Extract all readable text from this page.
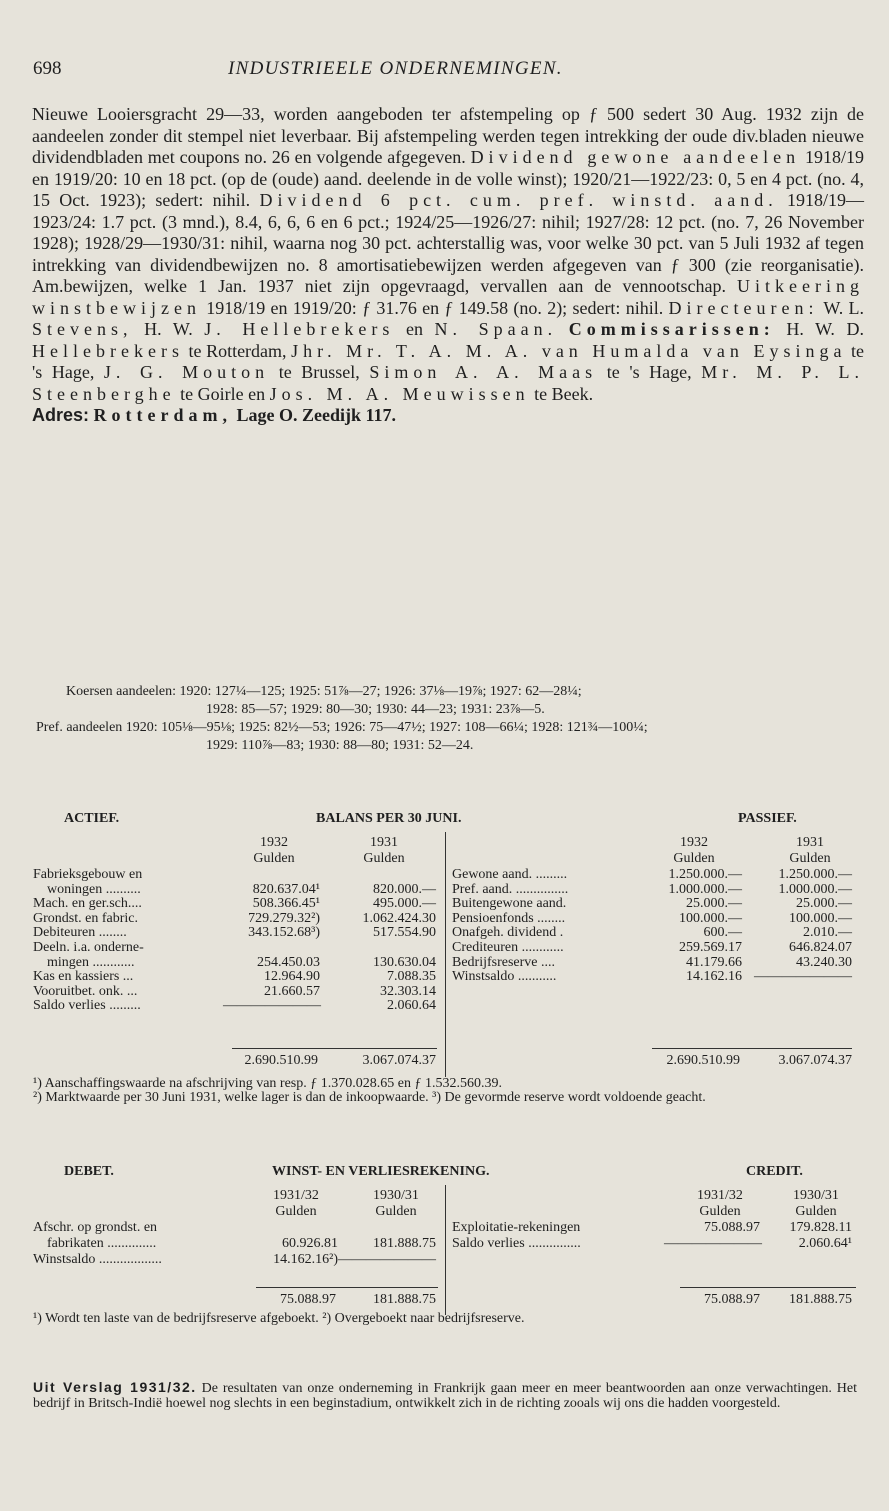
698	INDUSTRIEELE ONDERNEMINGEN.

Nieuwe Looiersgracht 29—33, worden aangeboden ter afstempeling op ƒ 500 sedert 30 Aug. 1932 zijn de aandeelen zonder dit stempel niet leverbaar. Bij afstempeling werden tegen intrekking der oude div.bladen nieuwe dividendbladen met coupons no. 26 en volgende afgegeven. Dividend gewone aandeelen 1918/19 en 1919/20: 10 en 18 pct. (op de (oude) aand. deelende in de volle winst); 1920/21—1922/23: 0, 5 en 4 pct. (no. 4, 15 Oct. 1923); sedert: nihil. Dividend 6 pct. cum. pref. winstd. aand. 1918/19—1923/24: 1.7 pct. (3 mnd.), 8.4, 6, 6, 6 en 6 pct.; 1924/25—1926/27: nihil; 1927/28: 12 pct. (no. 7, 26 November 1928); 1928/29—1930/31: nihil, waarna nog 30 pct. achterstallig was, voor welke 30 pct. van 5 Juli 1932 af tegen intrekking van dividendbewijzen no. 8 amortisatiebewijzen werden afgegeven van ƒ 300 (zie reorganisatie). Am.bewijzen, welke 1 Jan. 1937 niet zijn opgevraagd, vervallen aan de vennootschap. Uitkeering winstbewijzen 1918/19 en 1919/20: ƒ 31.76 en ƒ 149.58 (no. 2); sedert: nihil. Directeuren: W. L. Stevens, H. W. J. Hellebrekers en N. Spaan. Commissarissen: H. W. D. Hellebrekers te Rotterdam, Jhr. Mr. T. A. M. A. van Humalda van Eysinga te 's Hage, J. G. Mouton te Brussel, Simon A. A. Maas te 's Hage, Mr. M. P. L. Steenberghe te Goirle en Jos. M. A. Meuwissen te Beek.

Adres: Rotterdam, Lage O. Zeedijk 117.

Koersen aandeelen: 1920: 127¼—125; 1925: 51⅞—27; 1926: 37⅛—19⅞; 1927: 62—28¼;
1928: 85—57; 1929: 80—30; 1930: 44—23; 1931: 23⅞—5.
Pref. aandeelen 1920: 105⅛—95⅛; 1925: 82½—53; 1926: 75—47½; 1927: 108—66¼; 1928: 121¾—100¼;
1929: 110⅞—83; 1930: 88—80; 1931: 52—24.
ACTIEF.	BALANS PER 30 JUNI.	PASSIEF.
1932	1931
Gulden	Gulden
1932	1931
Gulden	Gulden
Fabrieksgebouw en
woningen ..........	820.637.04¹	820.000.—
Mach. en ger.sch....	508.366.45¹	495.000.—
Grondst. en fabric.	729.279.32²)	1.062.424.30
Debiteuren ........	343.152.68³)	517.554.90
Deeln. i.a. onderne-
mingen ............	254.450.03	130.630.04
Kas en kassiers ...	12.964.90	7.088.35
Vooruitbet. onk. ...	21.660.57	32.303.14
Saldo verlies .........	———————	2.060.64
Gewone aand. .........	1.250.000.—	1.250.000.—
Pref. aand. ...............	1.000.000.—	1.000.000.—
Buitengewone aand.	25.000.—	25.000.—
Pensioenfonds ........	100.000.—	100.000.—
Onafgeh. dividend .	600.—	2.010.—
Crediteuren ............	259.569.17	646.824.07
Bedrijfsreserve ....	41.179.66	43.240.30
Winstsaldo ...........	14.162.16 ———————
2.690.510.99	3.067.074.37	2.690.510.99	3.067.074.37
¹) Aanschaffingswaarde na afschrijving van resp. ƒ 1.370.028.65 en ƒ 1.532.560.39.
²) Marktwaarde per 30 Juni 1931, welke lager is dan de inkoopwaarde. ³) De gevormde reserve wordt voldoende geacht.
DEBET.	WINST- EN VERLIESREKENING.	CREDIT.
1931/32	1930/31
Gulden	Gulden
1931/32	1930/31
Gulden	Gulden
Afschr. op grondst. en
fabrikaten ..............	60.926.81	181.888.75
Winstsaldo ..................	14.162.16²) ———————
Exploitatie-rekeningen	75.088.97	179.828.11
Saldo verlies ...............	———————	2.060.64¹
75.088.97	181.888.75	75.088.97	181.888.75
¹) Wordt ten laste van de bedrijfsreserve afgeboekt. ²) Overgeboekt naar bedrijfsreserve.
Uit Verslag 1931/32. De resultaten van onze onderneming in Frankrijk gaan meer en meer beantwoorden aan onze verwachtingen. Het bedrijf in Britsch-Indië hoewel nog slechts in een beginstadium, ontwikkelt zich in de richting zooals wij ons die hadden voorgesteld.
